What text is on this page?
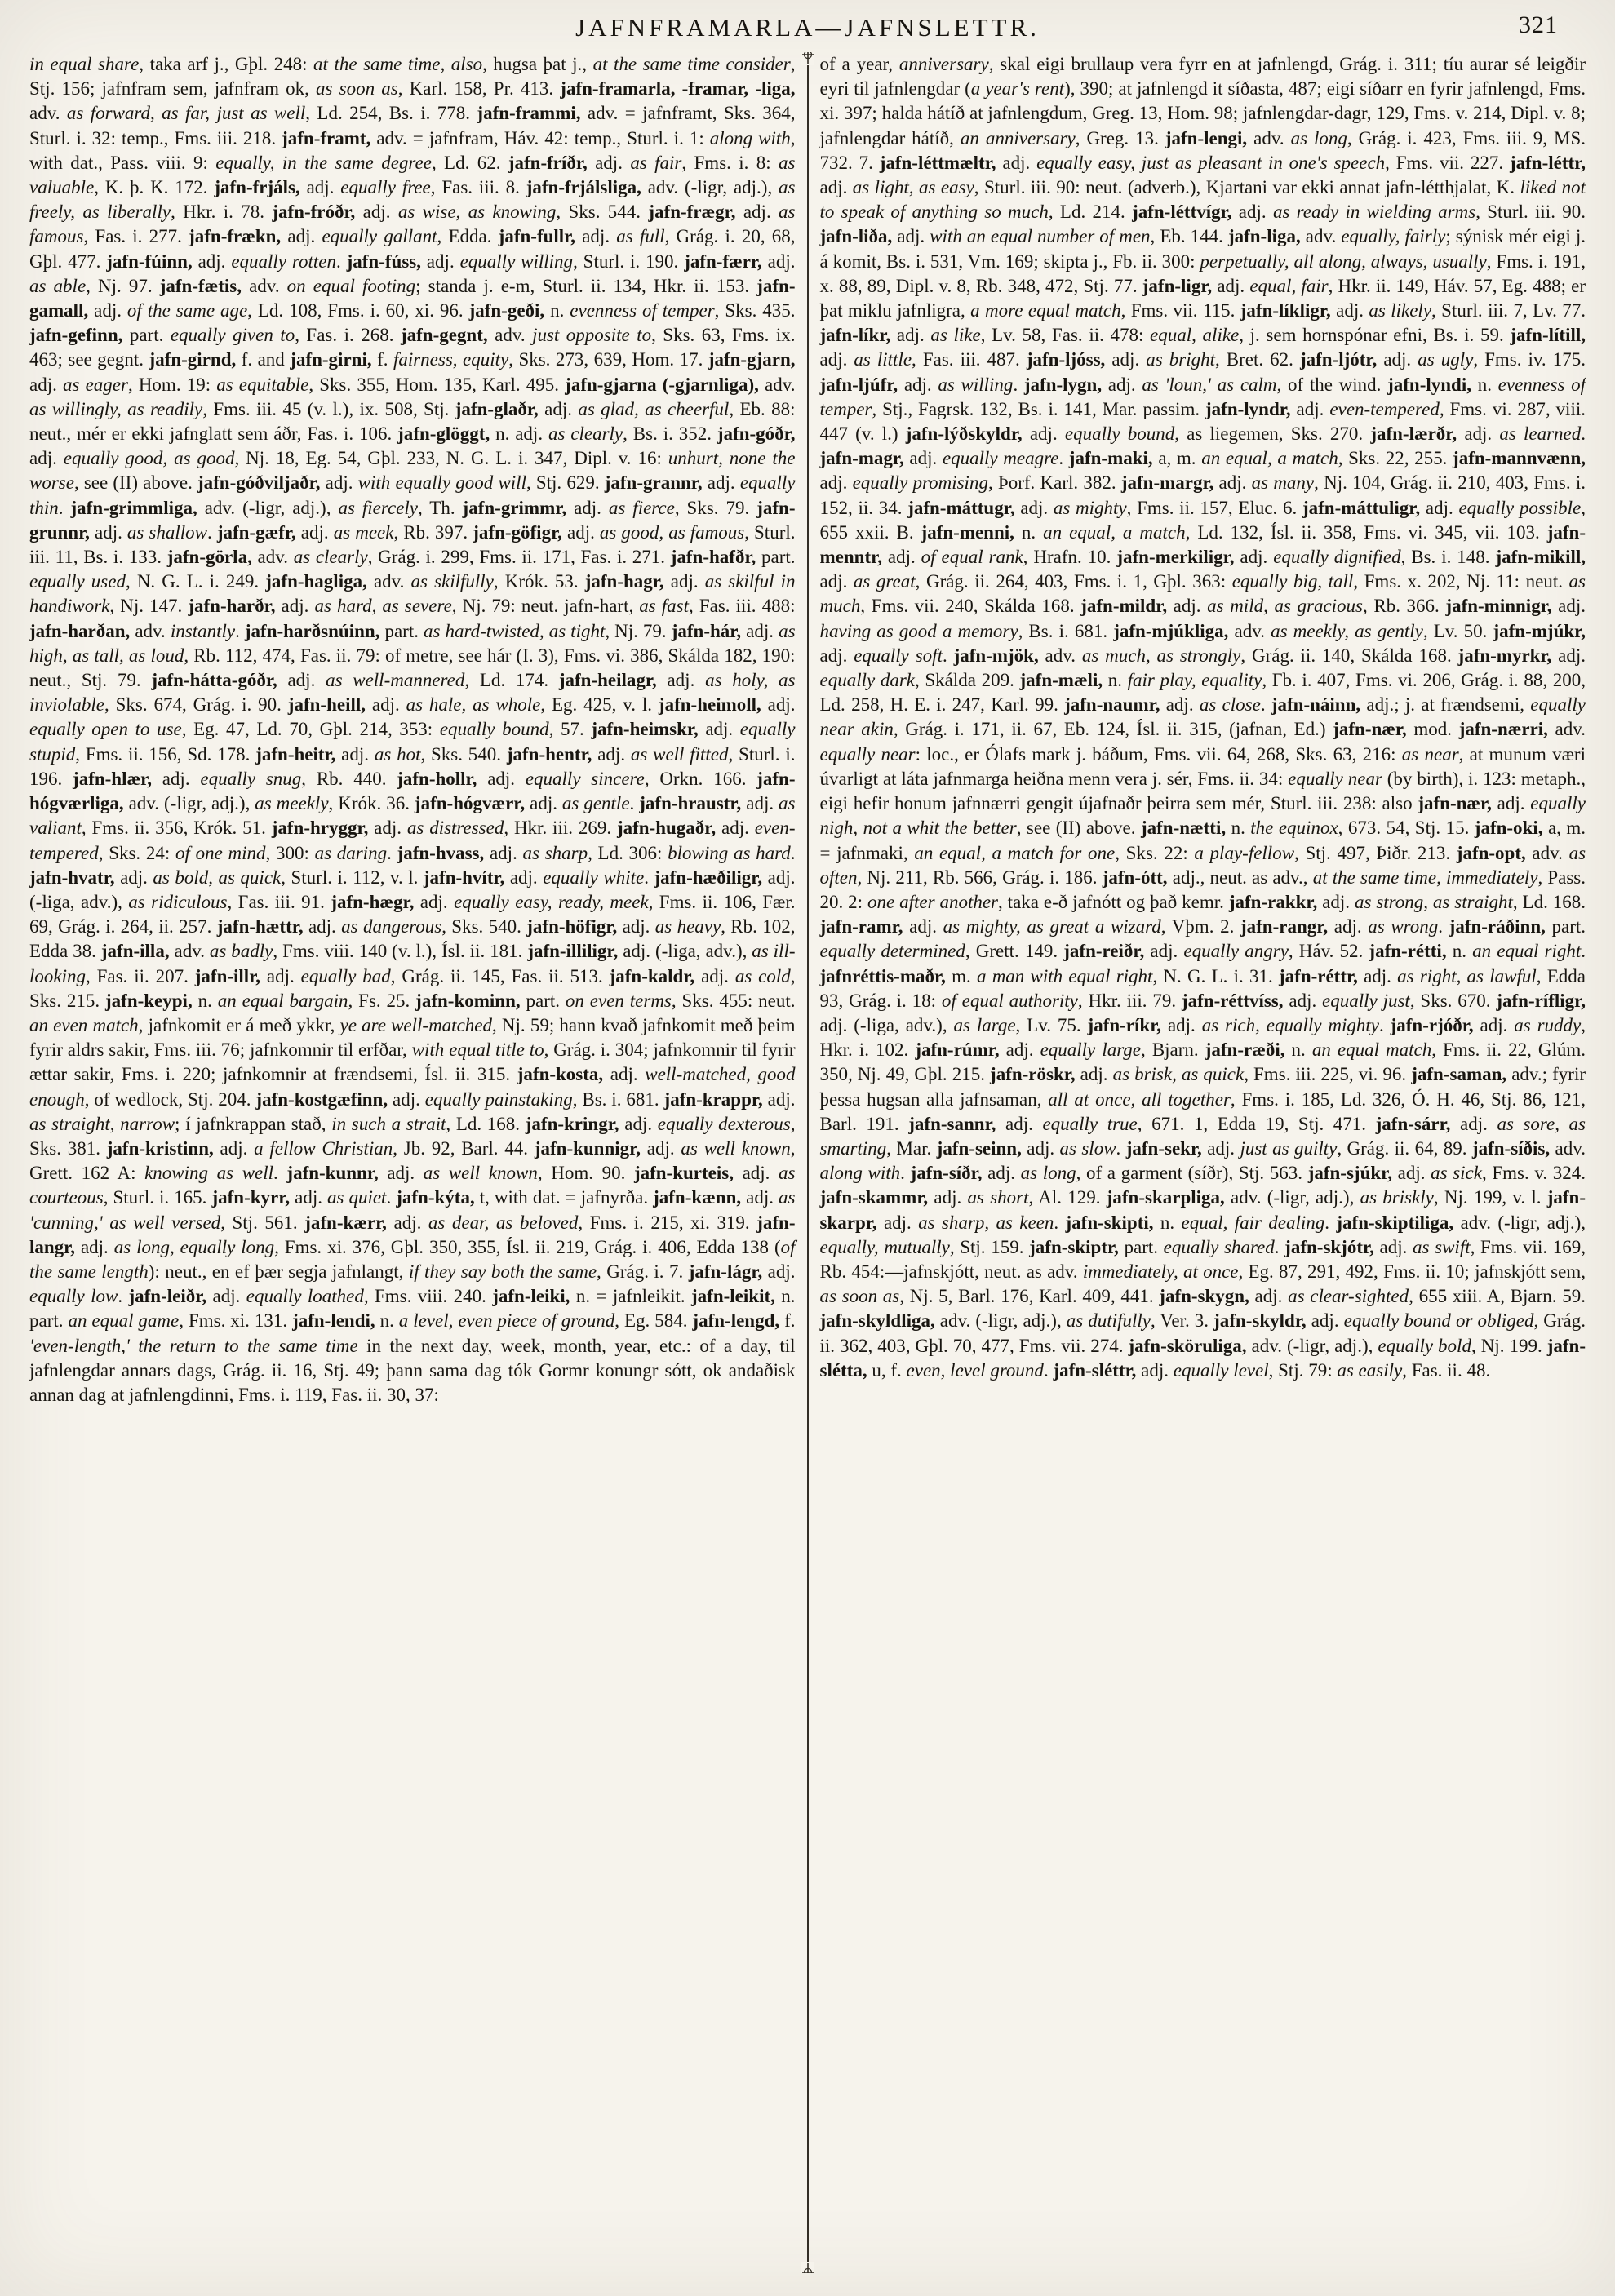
JAFNFRAMARLA—JAFNSLETTR.	321
in equal share, taka arf j., Gþl. 248: at the same time, also, hugsa þat j., at the same time consider, Stj. 156; jafnfram sem, jafnfram ok, as soon as, Karl. 158, Pr. 413. jafn-framarla, -framar, -liga, adv. as forward, as far, just as well, Ld. 254, Bs. i. 778. jafn-frammi, adv. = jafnframt, Sks. 364, Sturl. i. 32: temp., Fms. iii. 218. jafn-framt, adv. = jafnfram, Háv. 42: temp., Sturl. i. 1: along with, with dat., Pass. viii. 9: equally, in the same degree, Ld. 62. jafn-fríðr, adj. as fair, Fms. i. 8: as valuable, K. þ. K. 172. jafn-frjáls, adj. equally free, Fas. iii. 8. jafn-frjálsliga, adv. (-ligr, adj.), as freely, as liberally, Hkr. i. 78. jafn-fróðr, adj. as wise, as knowing, Sks. 544. jafn-frægr, adj. as famous, Fas. i. 277. jafn-frækn, adj. equally gallant, Edda. jafn-fullr, adj. as full, Grág. i. 20, 68, Gþl. 477. jafn-fúinn, adj. equally rotten. jafn-fúss, adj. equally willing, Sturl. i. 190. jafn-færr, adj. as able, Nj. 97. jafn-fætis, adv. on equal footing; standa j. e-m, Sturl. ii. 134, Hkr. ii. 153. jafn-gamall, adj. of the same age, Ld. 108, Fms. i. 60, xi. 96. jafn-geði, n. evenness of temper, Sks. 435. jafn-gefinn, part. equally given to, Fas. i. 268. jafn-gegnt, adv. just opposite to, Sks. 63, Fms. ix. 463; see gegnt. jafn-girnd, f. and jafn-girni, f. fairness, equity, Sks. 273, 639, Hom. 17. jafn-gjarn, adj. as eager, Hom. 19: as equitable, Sks. 355, Hom. 135, Karl. 495. jafn-gjarna (-gjarnliga), adv. as willingly, as readily, Fms. iii. 45 (v. l.), ix. 508, Stj. jafn-glaðr, adj. as glad, as cheerful, Eb. 88: neut., mér er ekki jafnglatt sem áðr, Fas. i. 106. jafn-glöggt, n. adj. as clearly, Bs. i. 352. jafn-góðr, adj. equally good, as good, Nj. 18, Eg. 54, Gþl. 233, N. G. L. i. 347, Dipl. v. 16: unhurt, none the worse, see (II) above. jafn-góðviljaðr, adj. with equally good will, Stj. 629. jafn-grannr, adj. equally thin. jafn-grimmliga, adv. (-ligr, adj.), as fiercely, Th. jafn-grimmr, adj. as fierce, Sks. 79. jafn-grunnr, adj. as shallow. jafn-gæfr, adj. as meek, Rb. 397. jafn-göfigr, adj. as good, as famous, Sturl. iii. 11, Bs. i. 133. jafn-görla, adv. as clearly, Grág. i. 299, Fms. ii. 171, Fas. i. 271. jafn-hafðr, part. equally used, N. G. L. i. 249. jafn-hagliga, adv. as skilfully, Krók. 53. jafn-hagr, adj. as skilful in handiwork, Nj. 147. jafn-harðr, adj. as hard, as severe, Nj. 79: neut. jafn-hart, as fast, Fas. iii. 488: jafn-harðan, adv. instantly. jafn-harðsnúinn, part. as hard-twisted, as tight, Nj. 79. jafn-hár, adj. as high, as tall, as loud, Rb. 112, 474, Fas. ii. 79: of metre, see hár (I. 3), Fms. vi. 386, Skálda 182, 190: neut., Stj. 79. jafn-hátta-góðr, adj. as well-mannered, Ld. 174. jafn-heilagr, adj. as holy, as inviolable, Sks. 674, Grág. i. 90. jafn-heill, adj. as hale, as whole, Eg. 425, v. l. jafn-heimoll, adj. equally open to use, Eg. 47, Ld. 70, Gþl. 214, 353: equally bound, 57. jafn-heimskr, adj. equally stupid, Fms. ii. 156, Sd. 178. jafn-heitr, adj. as hot, Sks. 540. jafn-hentr, adj. as well fitted, Sturl. i. 196. jafn-hlær, adj. equally snug, Rb. 440. jafn-hollr, adj. equally sincere, Orkn. 166. jafn-hógværliga, adv. (-ligr, adj.), as meekly, Krók. 36. jafn-hógværr, adj. as gentle. jafn-hraustr, adj. as valiant, Fms. ii. 356, Krók. 51. jafn-hryggr, adj. as distressed, Hkr. iii. 269. jafn-hugaðr, adj. even-tempered, Sks. 24: of one mind, 300: as daring. jafn-hvass, adj. as sharp, Ld. 306: blowing as hard. jafn-hvatr, adj. as bold, as quick, Sturl. i. 112, v. l. jafn-hvítr, adj. equally white. jafn-hæðiligr, adj. (-liga, adv.), as ridiculous, Fas. iii. 91. jafn-hægr, adj. equally easy, ready, meek, Fms. ii. 106, Fær. 69, Grág. i. 264, ii. 257. jafn-hættr, adj. as dangerous, Sks. 540. jafn-höfigr, adj. as heavy, Rb. 102, Edda 38. jafn-illa, adv. as badly, Fms. viii. 140 (v. l.), Ísl. ii. 181. jafn-illiligr, adj. (-liga, adv.), as ill-looking, Fas. ii. 207. jafn-illr, adj. equally bad, Grág. ii. 145, Fas. ii. 513. jafn-kaldr, adj. as cold, Sks. 215. jafn-keypi, n. an equal bargain, Fs. 25. jafn-kominn, part. on even terms, Sks. 455: neut. an even match, jafnkomit er á með ykkr, ye are well-matched, Nj. 59; hann kvað jafnkomit með þeim fyrir aldrs sakir, Fms. iii. 76; jafnkomnir til erfðar, with equal title to, Grág. i. 304; jafnkomnir til fyrir ættar sakir, Fms. i. 220; jafnkomnir at frændsemi, Ísl. ii. 315. jafn-kosta, adj. well-matched, good enough, of wedlock, Stj. 204. jafn-kostgæfinn, adj. equally painstaking, Bs. i. 681. jafn-krappr, adj. as straight, narrow; í jafnkrappan stað, in such a strait, Ld. 168. jafn-kringr, adj. equally dexterous, Sks. 381. jafn-kristinn, adj. a fellow Christian, Jb. 92, Barl. 44. jafn-kunnigr, adj. as well known, Grett. 162 A: knowing as well. jafn-kunnr, adj. as well known, Hom. 90. jafn-kurteis, adj. as courteous, Sturl. i. 165. jafn-kyrr, adj. as quiet. jafn-kýta, t, with dat. = jafnyrða. jafn-kænn, adj. as 'cunning,' as well versed, Stj. 561. jafn-kærr, adj. as dear, as beloved, Fms. i. 215, xi. 319. jafn-langr, adj. as long, equally long, Fms. xi. 376, Gþl. 350, 355, Ísl. ii. 219, Grág. i. 406, Edda 138 (of the same length): neut., en ef þær segja jafnlangt, if they say both the same, Grág. i. 7. jafn-lágr, adj. equally low. jafn-leiðr, adj. equally loathed, Fms. viii. 240. jafn-leiki, n. = jafnleikit. jafn-leikit, n. part. an equal game, Fms. xi. 131. jafn-lendi, n. a level, even piece of ground, Eg. 584. jafn-lengd, f. 'even-length,' the return to the same time in the next day, week, month, year, etc.: of a day, til jafnlengdar annars dags, Grág. ii. 16, Stj. 49; þann sama dag tók Gormr konungr sótt, ok andaðisk annan dag at jafnlengdinni, Fms. i. 119, Fas. ii. 30, 37:
of a year, anniversary, skal eigi brullaup vera fyrr en at jafnlengd, Grág. i. 311; tíu aurar sé leigðir eyri til jafnlengdar (a year's rent), 390; at jafnlengd it síðasta, 487; eigi síðarr en fyrir jafnlengd, Fms. xi. 397; halda hátíð at jafnlengdum, Greg. 13, Hom. 98; jafnlengdar-dagr, 129, Fms. v. 214, Dipl. v. 8; jafnlengdar hátíð, an anniversary, Greg. 13. jafn-lengi, adv. as long, Grág. i. 423, Fms. iii. 9, MS. 732. 7. jafn-léttmæltr, adj. equally easy, just as pleasant in one's speech, Fms. vii. 227. jafn-léttr, adj. as light, as easy, Sturl. iii. 90: neut. (adverb.), Kjartani var ekki annat jafn-létthjalat, K. liked not to speak of anything so much, Ld. 214. jafn-léttvígr, adj. as ready in wielding arms, Sturl. iii. 90. jafn-liða, adj. with an equal number of men, Eb. 144. jafn-liga, adv. equally, fairly; sýnisk mér eigi j. á komit, Bs. i. 531, Vm. 169; skipta j., Fb. ii. 300: perpetually, all along, always, usually, Fms. i. 191, x. 88, 89, Dipl. v. 8, Rb. 348, 472, Stj. 77. jafn-ligr, adj. equal, fair, Hkr. ii. 149, Háv. 57, Eg. 488; er þat miklu jafnligra, a more equal match, Fms. vii. 115. jafn-líkligr, adj. as likely, Sturl. iii. 7, Lv. 77. jafn-líkr, adj. as like, Lv. 58, Fas. ii. 478: equal, alike, j. sem hornspónar efni, Bs. i. 59. jafn-lítill, adj. as little, Fas. iii. 487. jafn-ljóss, adj. as bright, Bret. 62. jafn-ljótr, adj. as ugly, Fms. iv. 175. jafn-ljúfr, adj. as willing. jafn-lygn, adj. as 'loun,' as calm, of the wind. jafn-lyndi, n. evenness of temper, Stj., Fagrsk. 132, Bs. i. 141, Mar. passim. jafn-lyndr, adj. even-tempered, Fms. vi. 287, viii. 447 (v. l.) jafn-lýðskyldr, adj. equally bound, as liegemen, Sks. 270. jafn-lærðr, adj. as learned. jafn-magr, adj. equally meagre. jafn-maki, a, m. an equal, a match, Sks. 22, 255. jafn-mannvænn, adj. equally promising, Þorf. Karl. 382. jafn-margr, adj. as many, Nj. 104, Grág. ii. 210, 403, Fms. i. 152, ii. 34. jafn-máttugr, adj. as mighty, Fms. ii. 157, Eluc. 6. jafn-máttuligr, adj. equally possible, 655 xxii. B. jafn-menni, n. an equal, a match, Ld. 132, Ísl. ii. 358, Fms. vi. 345, vii. 103. jafn-menntr, adj. of equal rank, Hrafn. 10. jafn-merkiligr, adj. equally dignified, Bs. i. 148. jafn-mikill, adj. as great, Grág. ii. 264, 403, Fms. i. 1, Gþl. 363: equally big, tall, Fms. x. 202, Nj. 11: neut. as much, Fms. vii. 240, Skálda 168. jafn-mildr, adj. as mild, as gracious, Rb. 366. jafn-minnigr, adj. having as good a memory, Bs. i. 681. jafn-mjúkliga, adv. as meekly, as gently, Lv. 50. jafn-mjúkr, adj. equally soft. jafn-mjök, adv. as much, as strongly, Grág. ii. 140, Skálda 168. jafn-myrkr, adj. equally dark, Skálda 209. jafn-mæli, n. fair play, equality, Fb. i. 407, Fms. vi. 206, Grág. i. 88, 200, Ld. 258, H. E. i. 247, Karl. 99. jafn-naumr, adj. as close. jafn-náinn, adj.; j. at frændsemi, equally near akin, Grág. i. 171, ii. 67, Eb. 124, Ísl. ii. 315, (jafnan, Ed.) jafn-nær, mod. jafn-nærri, adv. equally near: loc., er Ólafs mark j. báðum, Fms. vii. 64, 268, Sks. 63, 216: as near, at munum væri úvarligt at láta jafnmarga heiðna menn vera j. sér, Fms. ii. 34: equally near (by birth), i. 123: metaph., eigi hefir honum jafnnærri gengit újafnaðr þeirra sem mér, Sturl. iii. 238: also jafn-nær, adj. equally nigh, not a whit the better, see (II) above. jafn-nætti, n. the equinox, 673. 54, Stj. 15. jafn-oki, a, m. = jafnmaki, an equal, a match for one, Sks. 22: a play-fellow, Stj. 497, Þiðr. 213. jafn-opt, adv. as often, Nj. 211, Rb. 566, Grág. i. 186. jafn-ótt, adj., neut. as adv., at the same time, immediately, Pass. 20. 2: one after another, taka e-ð jafnótt og það kemr. jafn-rakkr, adj. as strong, as straight, Ld. 168. jafn-ramr, adj. as mighty, as great a wizard, Vþm. 2. jafn-rangr, adj. as wrong. jafn-ráðinn, part. equally determined, Grett. 149. jafn-reiðr, adj. equally angry, Háv. 52. jafn-rétti, n. an equal right. jafnréttis-maðr, m. a man with equal right, N. G. L. i. 31. jafn-réttr, adj. as right, as lawful, Edda 93, Grág. i. 18: of equal authority, Hkr. iii. 79. jafn-réttvíss, adj. equally just, Sks. 670. jafn-rífligr, adj. (-liga, adv.), as large, Lv. 75. jafn-ríkr, adj. as rich, equally mighty. jafn-rjóðr, adj. as ruddy, Hkr. i. 102. jafn-rúmr, adj. equally large, Bjarn. jafn-ræði, n. an equal match, Fms. ii. 22, Glúm. 350, Nj. 49, Gþl. 215. jafn-röskr, adj. as brisk, as quick, Fms. iii. 225, vi. 96. jafn-saman, adv.; fyrir þessa hugsan alla jafnsaman, all at once, all together, Fms. i. 185, Ld. 326, Ó. H. 46, Stj. 86, 121, Barl. 191. jafn-sannr, adj. equally true, 671. 1, Edda 19, Stj. 471. jafn-sárr, adj. as sore, as smarting, Mar. jafn-seinn, adj. as slow. jafn-sekr, adj. just as guilty, Grág. ii. 64, 89. jafn-síðis, adv. along with. jafn-síðr, adj. as long, of a garment (síðr), Stj. 563. jafn-sjúkr, adj. as sick, Fms. v. 324. jafn-skammr, adj. as short, Al. 129. jafn-skarpliga, adv. (-ligr, adj.), as briskly, Nj. 199, v. l. jafn-skarpr, adj. as sharp, as keen. jafn-skipti, n. equal, fair dealing. jafn-skiptiliga, adv. (-ligr, adj.), equally, mutually, Stj. 159. jafn-skiptr, part. equally shared. jafn-skjótr, adj. as swift, Fms. vii. 169, Rb. 454:—jafnskjótt, neut. as adv. immediately, at once, Eg. 87, 291, 492, Fms. ii. 10; jafnskjótt sem, as soon as, Nj. 5, Barl. 176, Karl. 409, 441. jafn-skygn, adj. as clear-sighted, 655 xiii. A, Bjarn. 59. jafn-skyldliga, adv. (-ligr, adj.), as dutifully, Ver. 3. jafn-skyldr, adj. equally bound or obliged, Grág. ii. 362, 403, Gþl. 70, 477, Fms. vii. 274. jafn-sköruliga, adv. (-ligr, adj.), equally bold, Nj. 199. jafn-slétta, u, f. even, level ground. jafn-sléttr, adj. equally level, Stj. 79: as easily, Fas. ii. 48.
